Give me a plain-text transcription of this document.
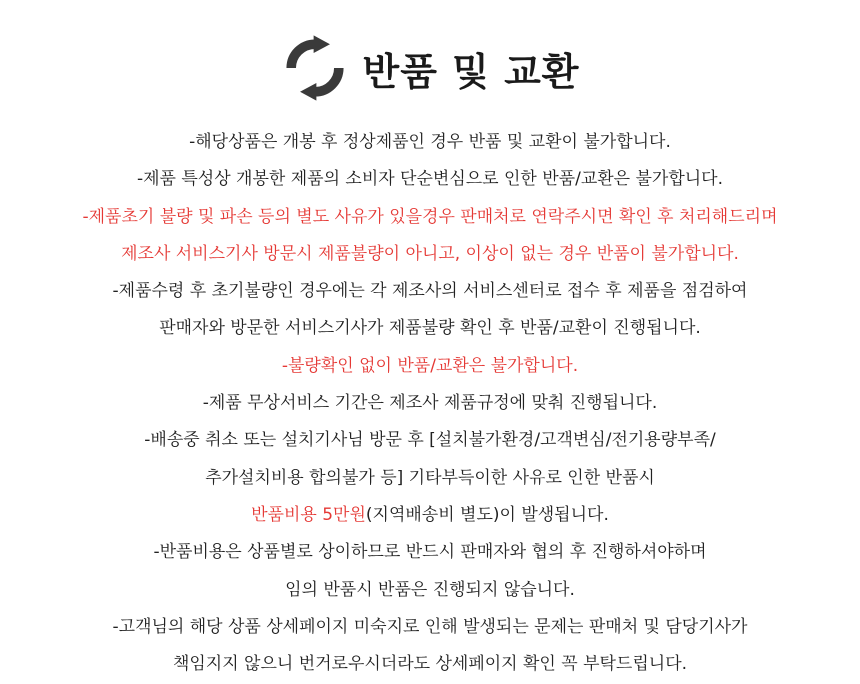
반품 및 교환
-해당상품은 개봉 후 정상제품인 경우 반품 및 교환이 불가합니다.
-제품 특성상 개봉한 제품의 소비자 단순변심으로 인한 반품/교환은 불가합니다.
-제품초기 불량 및 파손 등의 별도 사유가 있을경우 판매처로 연락주시면 확인 후 처리해드리며
제조사 서비스기사 방문시 제품불량이 아니고, 이상이 없는 경우 반품이 불가합니다.
-제품수령 후 초기불량인 경우에는 각 제조사의 서비스센터로 접수 후 제품을 점검하여
판매자와 방문한 서비스기사가 제품불량 확인 후 반품/교환이 진행됩니다.
-불량확인 없이 반품/교환은 불가합니다.
-제품 무상서비스 기간은 제조사 제품규정에 맞춰 진행됩니다.
-배송중 취소 또는 설치기사님 방문 후 [설치불가환경/고객변심/전기용량부족/
추가설치비용 합의불가 등] 기타부득이한 사유로 인한 반품시
반품비용 5만원(지역배송비 별도)이 발생됩니다.
-반품비용은 상품별로 상이하므로 반드시 판매자와 협의 후 진행하셔야하며
임의 반품시 반품은 진행되지 않습니다.
-고객님의 해당 상품 상세페이지 미숙지로 인해 발생되는 문제는 판매처 및 담당기사가
책임지지 않으니 번거로우시더라도 상세페이지 확인 꼭 부탁드립니다.
